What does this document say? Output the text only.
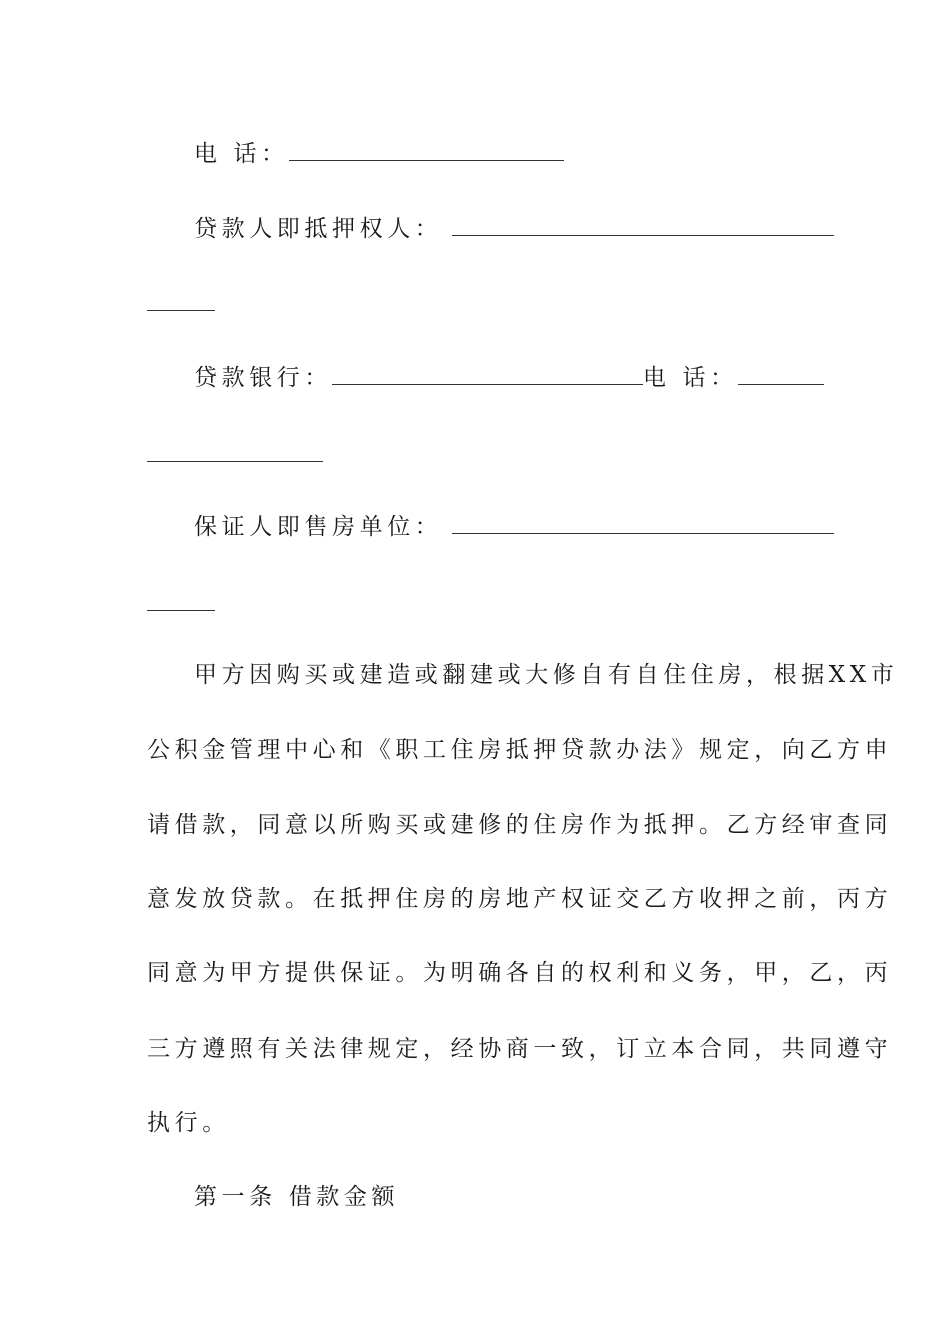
电 话：
贷款人即抵押权人：
贷款银行：	电 话：
保证人即售房单位：
甲方因购买或建造或翻建或大修自有自住住房，根据XX市
公积金管理中心和《职工住房抵押贷款办法》规定，向乙方申
请借款，同意以所购买或建修的住房作为抵押。乙方经审查同
意发放贷款。在抵押住房的房地产权证交乙方收押之前，丙方
同意为甲方提供保证。为明确各自的权利和义务，甲，乙，丙
三方遵照有关法律规定，经协商一致，订立本合同，共同遵守
执行。
第一条 借款金额
